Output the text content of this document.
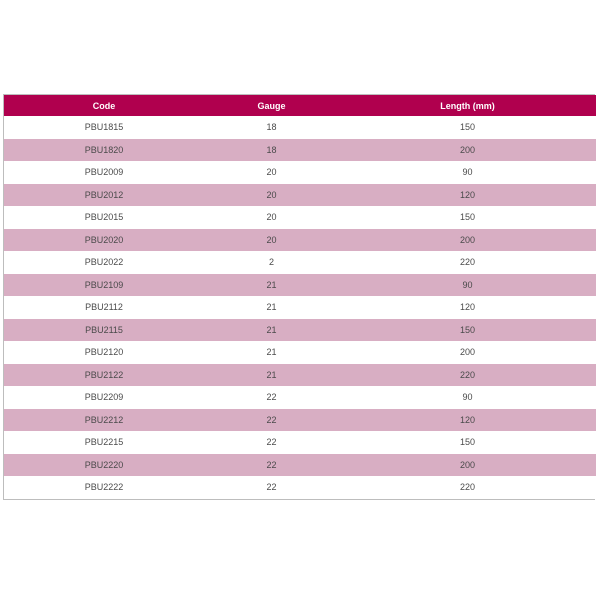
Code	Gauge	Length (mm)
PBU1815	18	150
PBU1820	18	200
PBU2009	20	90
PBU2012	20	120
PBU2015	20	150
PBU2020	20	200
PBU2022	2	220
PBU2109	21	90
PBU2112	21	120
PBU2115	21	150
PBU2120	21	200
PBU2122	21	220
PBU2209	22	90
PBU2212	22	120
PBU2215	22	150
PBU2220	22	200
PBU2222	22	220
